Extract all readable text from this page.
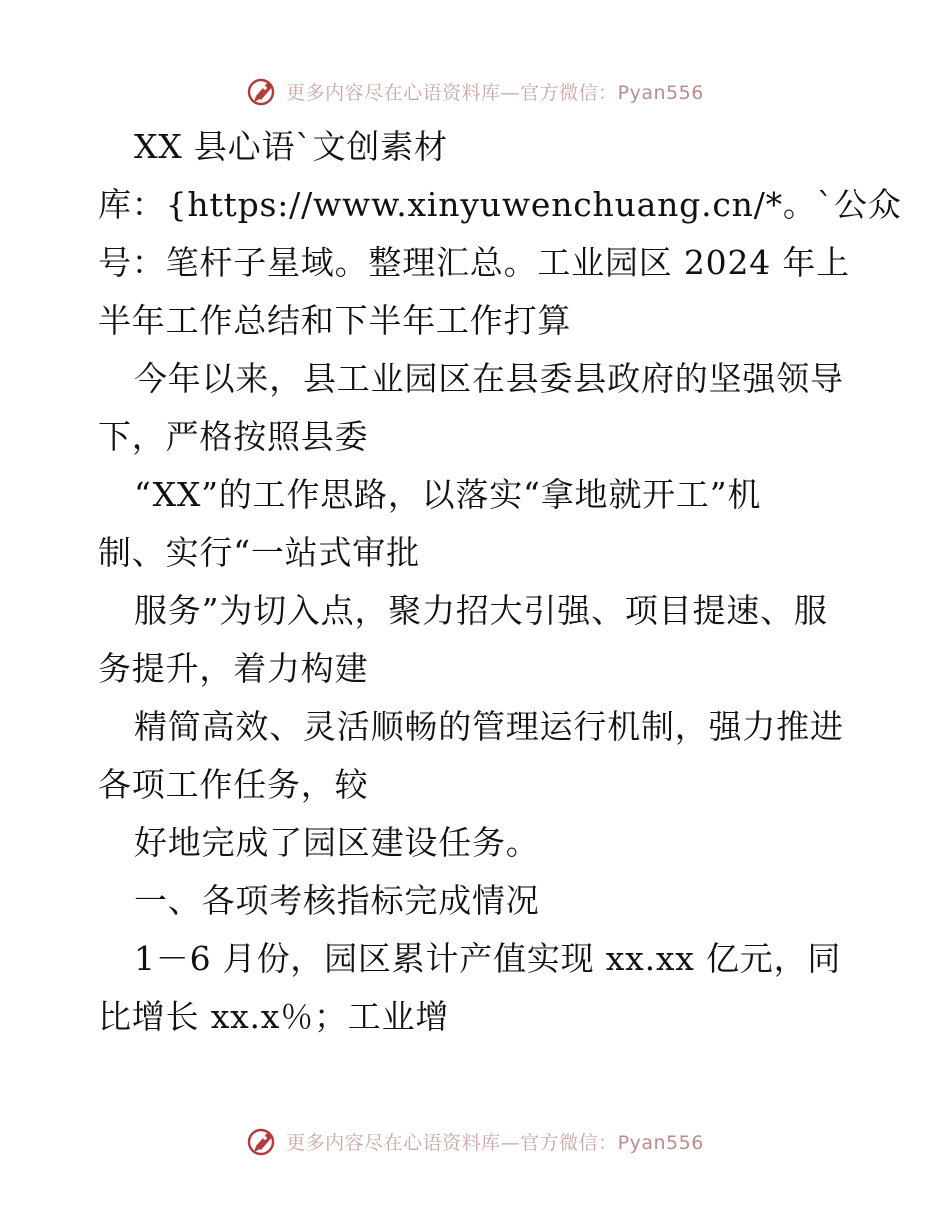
更多内容尽在心语资料库—官方微信：Pyan556
XX 县心语`文创素材
库：{https://www.xinyuwenchuang.cn/*。`公众
号：笔杆子星域。整理汇总。工业园区 2024 年上
半年工作总结和下半年工作打算
今年以来，县工业园区在县委县政府的坚强领导
下，严格按照县委
“XX”的工作思路，以落实“拿地就开工”机
制、实行“一站式审批
服务”为切入点，聚力招大引强、项目提速、服
务提升，着力构建
精简高效、灵活顺畅的管理运行机制，强力推进
各项工作任务，较
好地完成了园区建设任务。
一、各项考核指标完成情况
1－6 月份，园区累计产值实现 xx.xx 亿元，同
比增长 xx.x％；工业增
更多内容尽在心语资料库—官方微信：Pyan556
